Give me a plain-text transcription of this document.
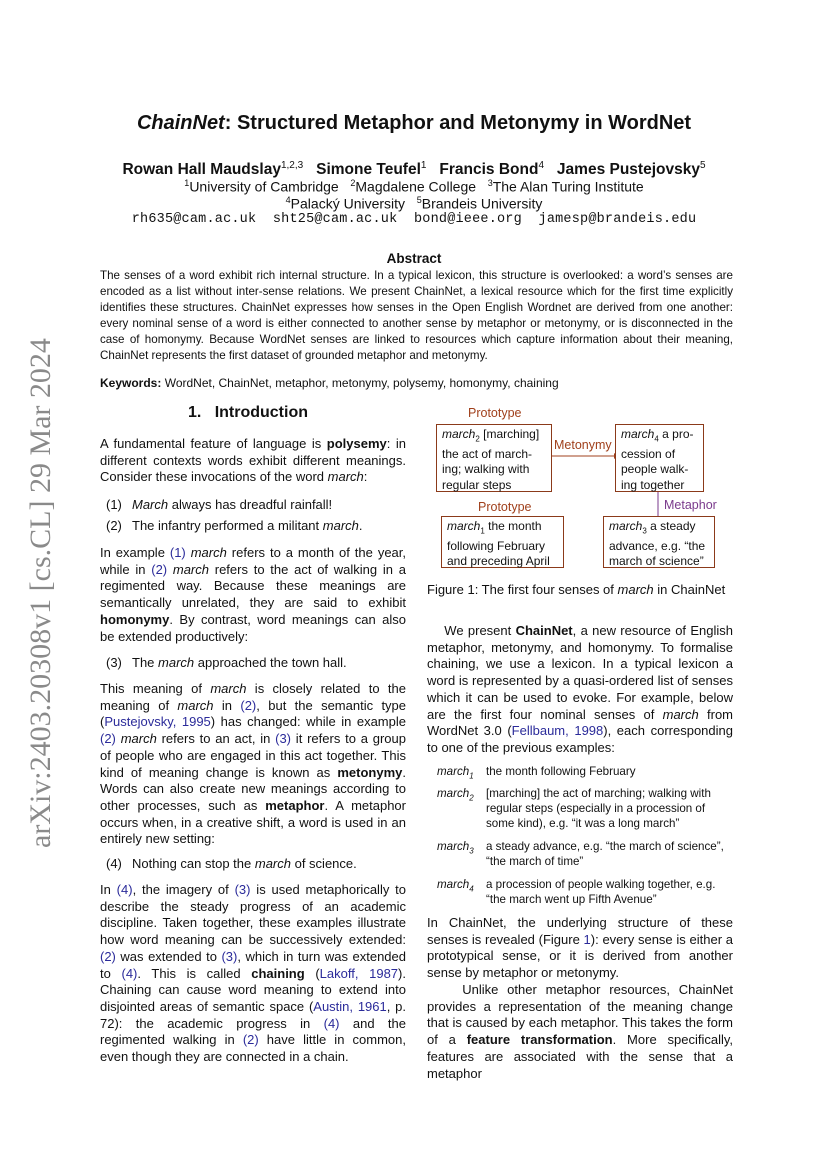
arXiv:2403.20308v1 [cs.CL] 29 Mar 2024
ChainNet: Structured Metaphor and Metonymy in WordNet
Rowan Hall Maudslay$^{1,2,3}$ Simone Teufel$^1$ Francis Bond$^4$ James Pustejovsky$^5$
$^1$University of Cambridge $^2$Magdalene College $^3$The Alan Turing Institute
$^4$Palacký University $^5$Brandeis University
rh635@cam.ac.uk  sht25@cam.ac.uk  bond@ieee.org  jamesp@brandeis.edu
Abstract
The senses of a word exhibit rich internal structure. In a typical lexicon, this structure is overlooked: a word’s senses are encoded as a list without inter-sense relations. We present ChainNet, a lexical resource which for the first time explicitly identifies these structures. ChainNet expresses how senses in the Open English Wordnet are derived from one another: every nominal sense of a word is either connected to another sense by metaphor or metonymy, or is disconnected in the case of homonymy. Because WordNet senses are linked to resources which capture information about their meaning, ChainNet represents the first dataset of grounded metaphor and metonymy.
Keywords: WordNet, ChainNet, metaphor, metonymy, polysemy, homonymy, chaining
1. Introduction

A fundamental feature of language is polysemy: in different contexts words exhibit different meanings. Consider these invocations of the word march:

(1) March always has dreadful rainfall!
(2) The infantry performed a militant march.

In example (1) march refers to a month of the year, while in (2) march refers to the act of walking in a regimented way. Because these meanings are semantically unrelated, they are said to exhibit homonymy. By contrast, word meanings can also be extended productively:

(3) The march approached the town hall.

This meaning of march is closely related to the meaning of march in (2), but the semantic type (Pustejovsky, 1995) has changed: while in example (2) march refers to an act, in (3) it refers to a group of people who are engaged in this act together. This kind of meaning change is known as metonymy. Words can also create new meanings according to other processes, such as metaphor. A metaphor occurs when, in a creative shift, a word is used in an entirely new setting:

(4) Nothing can stop the march of science.

In (4), the imagery of (3) is used metaphorically to describe the steady progress of an academic discipline. Taken together, these examples illustrate how word meaning can be successively extended: (2) was extended to (3), which in turn was extended to (4). This is called chaining (Lakoff, 1987). Chaining can cause word meaning to extend into disjointed areas of semantic space (Austin, 1961, p. 72): the academic progress in (4) and the regimented walking in (2) have little in common, even though they are connected in a chain.

Prototype
march$_2$ [marching]
the act of march-
ing; walking with
regular steps
Metonymy
march$_4$ a pro-
cession of
people walk-
ing together
Metaphor
Prototype
march$_1$ the month
following February
and preceding April
march$_3$ a steady
advance, e.g. “the
march of science”
Figure 1: The first four senses of march in ChainNet

We present ChainNet, a new resource of English metaphor, metonymy, and homonymy. To formalise chaining, we use a lexicon. In a typical lexicon a word is represented by a quasi-ordered list of senses which it can be used to evoke. For example, below are the first four nominal senses of march from WordNet 3.0 (Fellbaum, 1998), each corresponding to one of the previous examples:

march$_1$ the month following February
march$_2$ [marching] the act of marching; walking with regular steps (especially in a procession of some kind), e.g. “it was a long march”
march$_3$ a steady advance, e.g. “the march of science”, “the march of time”
march$_4$ a procession of people walking together, e.g. “the march went up Fifth Avenue”

In ChainNet, the underlying structure of these senses is revealed (Figure 1): every sense is either a prototypical sense, or it is derived from another sense by metaphor or metonymy.

Unlike other metaphor resources, ChainNet provides a representation of the meaning change that is caused by each metaphor. This takes the form of a feature transformation. More specifically, features are associated with the sense that a metaphor
